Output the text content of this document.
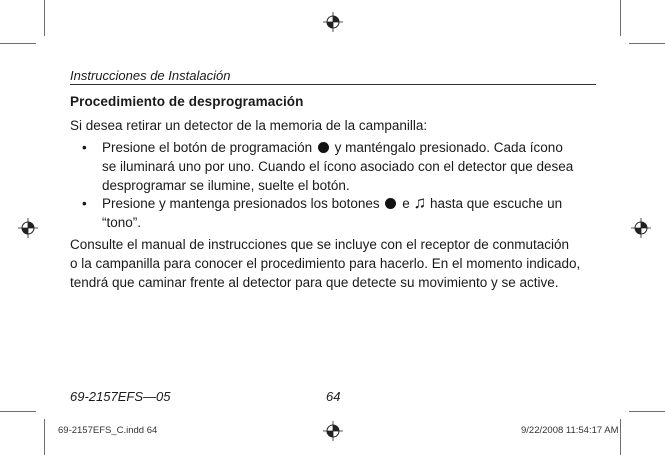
Instrucciones de Instalación
Procedimiento de desprogramación
Si desea retirar un detector de la memoria de la campanilla:
• Presione el botón de programación y manténgalo presionado. Cada ícono
se iluminará uno por uno. Cuando el ícono asociado con el detector que desea
desprogramar se ilumine, suelte el botón.
• Presione y mantenga presionados los botones e ♫ hasta que escuche un
“tono”.
Consulte el manual de instrucciones que se incluye con el receptor de conmutación
o la campanilla para conocer el procedimiento para hacerlo. En el momento indicado,
tendrá que caminar frente al detector para que detecte su movimiento y se active.
69-2157EFS—05	64
69-2157EFS_C.indd 64	9/22/2008 11:54:17 AM
